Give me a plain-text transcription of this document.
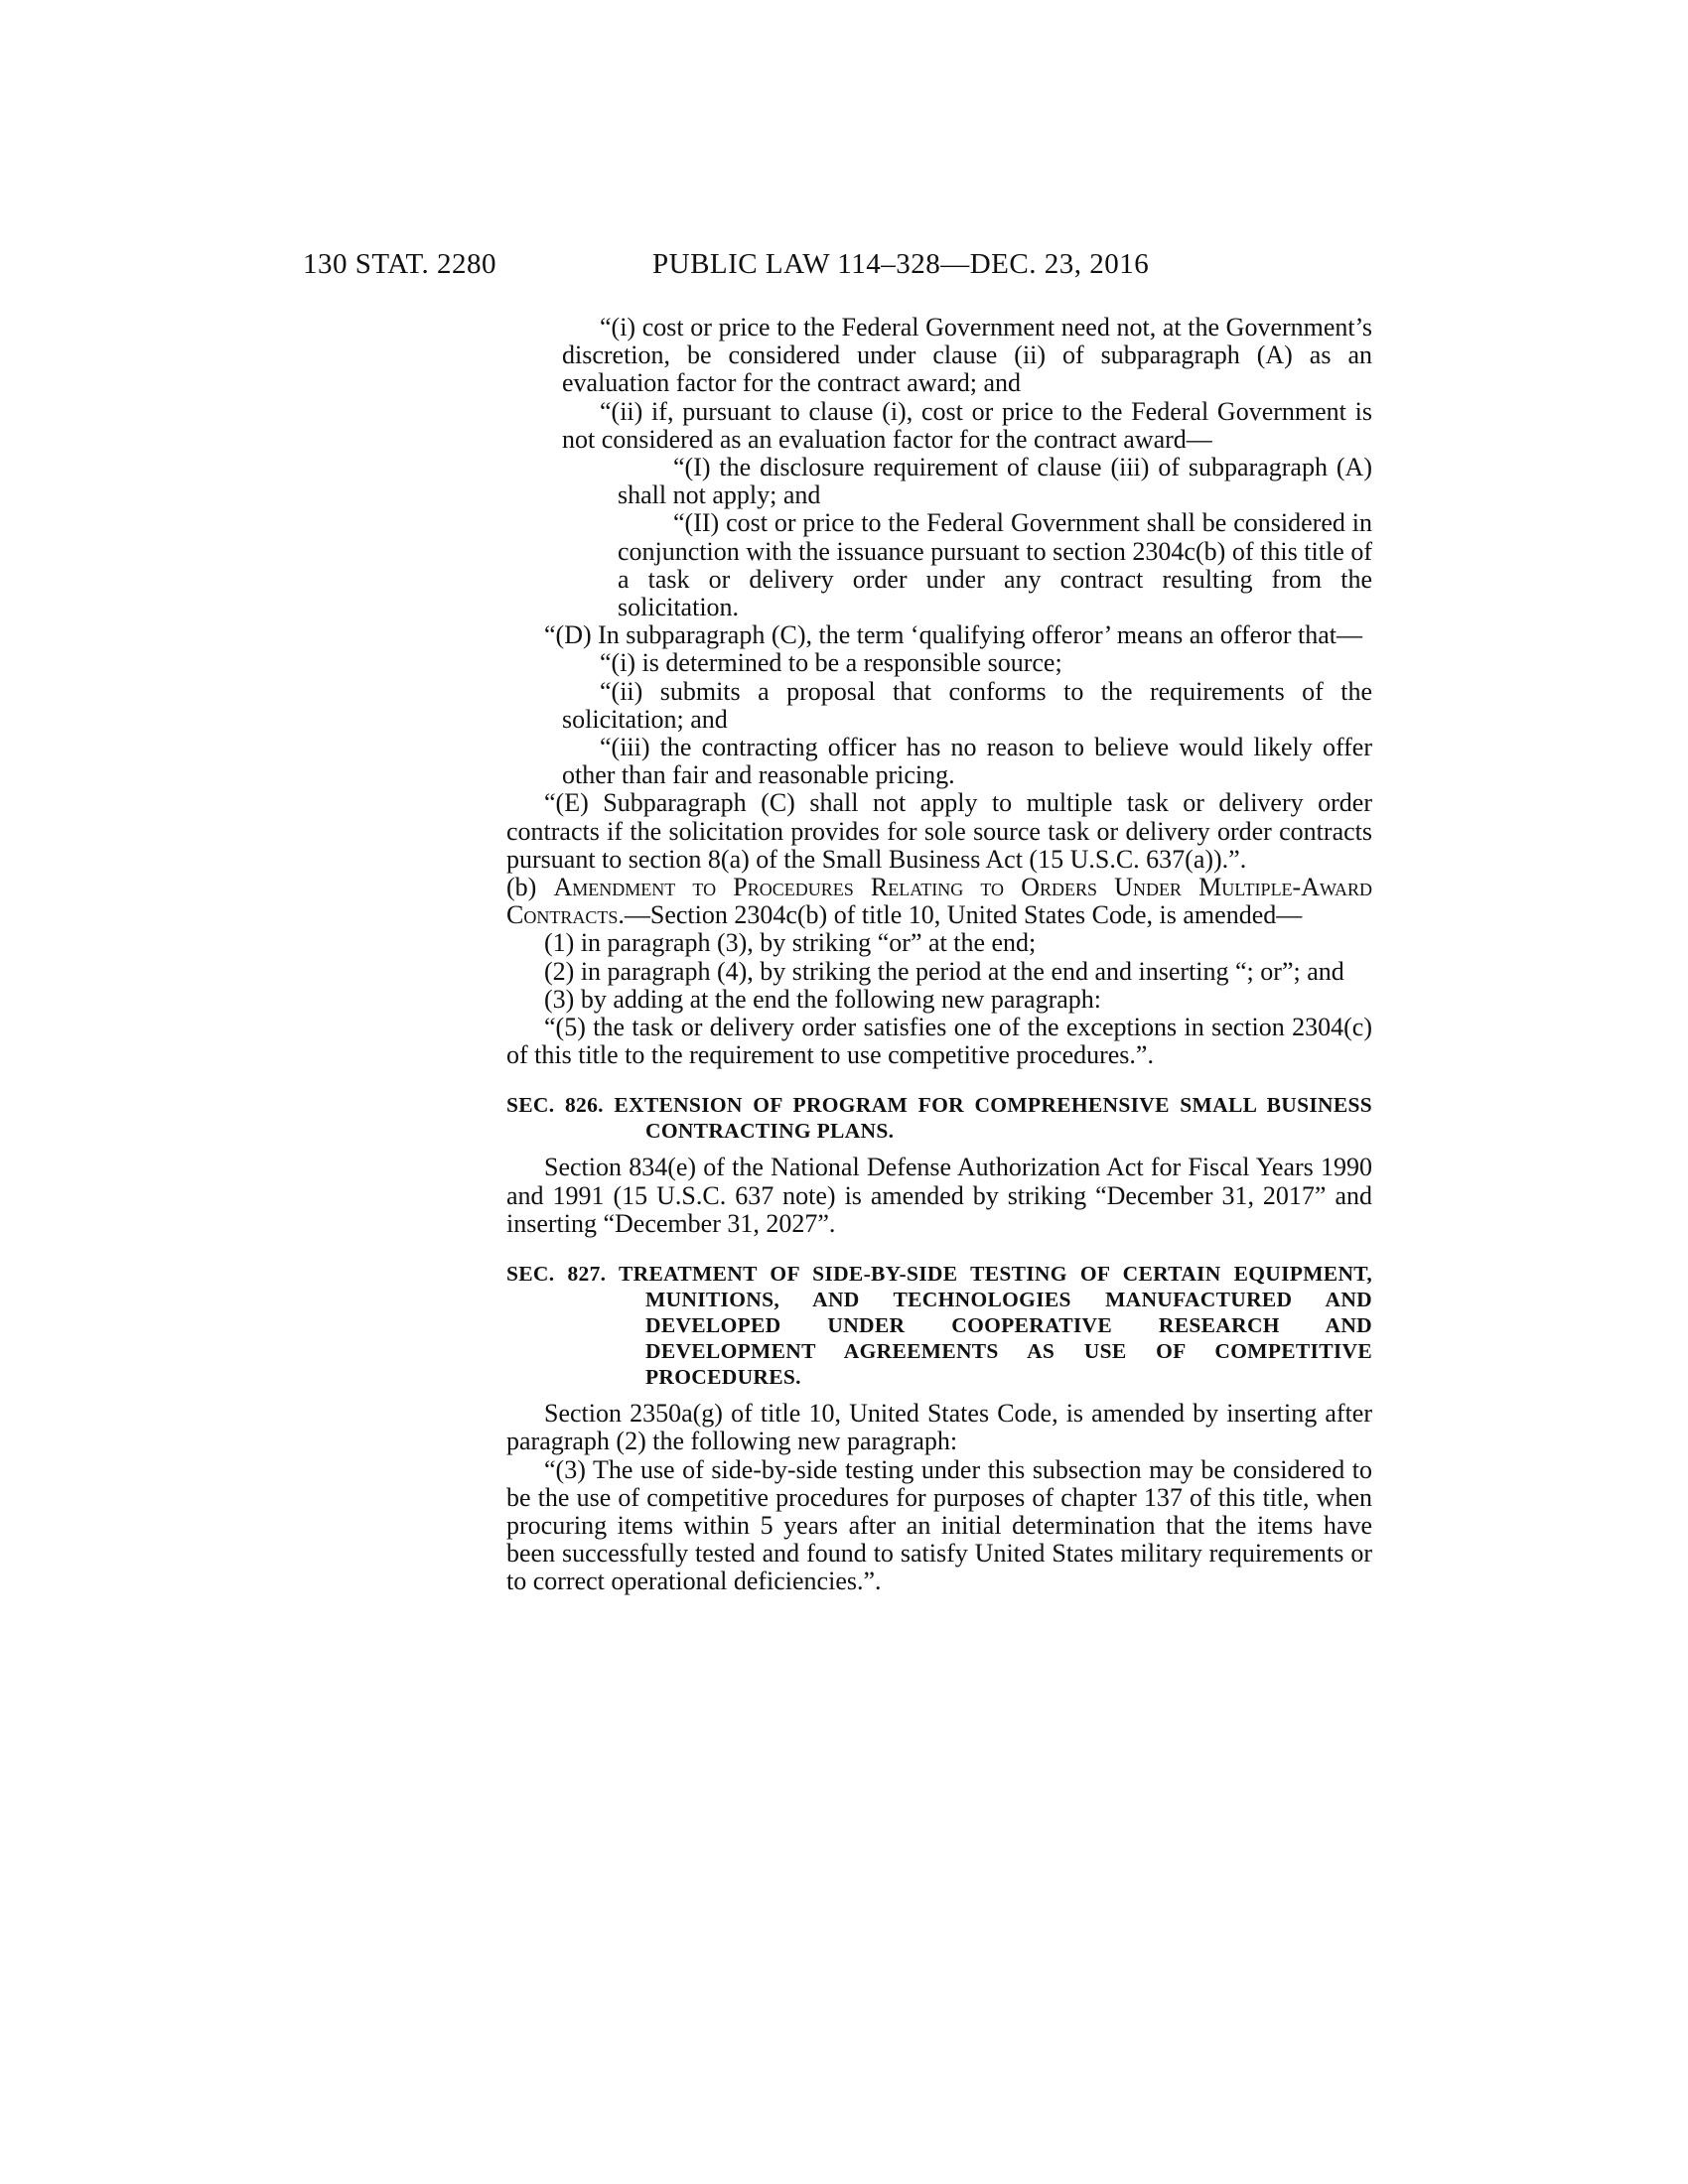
130 STAT. 2280	PUBLIC LAW 114–328—DEC. 23, 2016

“(i) cost or price to the Federal Government need not, at the Government’s discretion, be considered under clause (ii) of subparagraph (A) as an evaluation factor for the contract award; and

“(ii) if, pursuant to clause (i), cost or price to the Federal Government is not considered as an evaluation factor for the contract award—

“(I) the disclosure requirement of clause (iii) of subparagraph (A) shall not apply; and

“(II) cost or price to the Federal Government shall be considered in conjunction with the issuance pursuant to section 2304c(b) of this title of a task or delivery order under any contract resulting from the solicitation.

“(D) In subparagraph (C), the term ‘qualifying offeror’ means an offeror that—

“(i) is determined to be a responsible source;

“(ii) submits a proposal that conforms to the requirements of the solicitation; and

“(iii) the contracting officer has no reason to believe would likely offer other than fair and reasonable pricing.

“(E) Subparagraph (C) shall not apply to multiple task or delivery order contracts if the solicitation provides for sole source task or delivery order contracts pursuant to section 8(a) of the Small Business Act (15 U.S.C. 637(a)).”.

(b) Amendment to Procedures Relating to Orders Under Multiple-Award Contracts.—Section 2304c(b) of title 10, United States Code, is amended—

(1) in paragraph (3), by striking “or” at the end;

(2) in paragraph (4), by striking the period at the end and inserting “; or”; and

(3) by adding at the end the following new paragraph:

“(5) the task or delivery order satisfies one of the exceptions in section 2304(c) of this title to the requirement to use competitive procedures.”.

SEC. 826. EXTENSION OF PROGRAM FOR COMPREHENSIVE SMALL BUSINESS CONTRACTING PLANS.

Section 834(e) of the National Defense Authorization Act for Fiscal Years 1990 and 1991 (15 U.S.C. 637 note) is amended by striking “December 31, 2017” and inserting “December 31, 2027”.

SEC. 827. TREATMENT OF SIDE-BY-SIDE TESTING OF CERTAIN EQUIPMENT, MUNITIONS, AND TECHNOLOGIES MANUFACTURED AND DEVELOPED UNDER COOPERATIVE RESEARCH AND DEVELOPMENT AGREEMENTS AS USE OF COMPETITIVE PROCEDURES.

Section 2350a(g) of title 10, United States Code, is amended by inserting after paragraph (2) the following new paragraph:

“(3) The use of side-by-side testing under this subsection may be considered to be the use of competitive procedures for purposes of chapter 137 of this title, when procuring items within 5 years after an initial determination that the items have been successfully tested and found to satisfy United States military requirements or to correct operational deficiencies.”.
